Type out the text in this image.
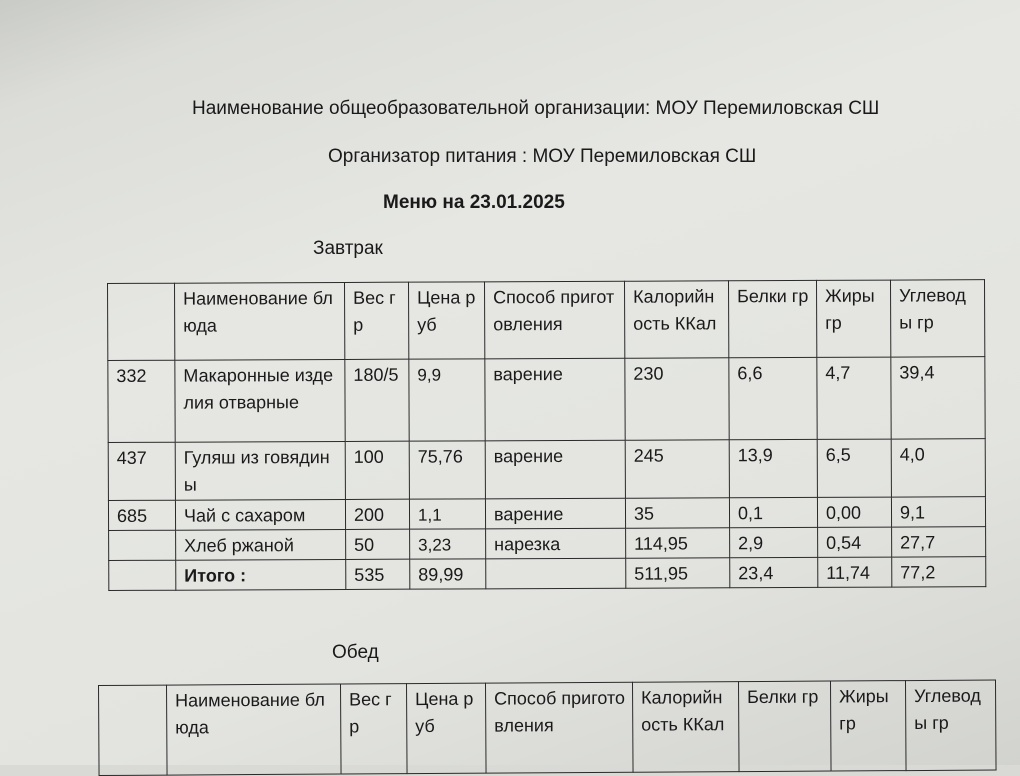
Наименование общеобразовательной организации: МОУ Перемиловская СШ
Организатор питания : МОУ Перемиловская СШ
Меню на 23.01.2025
Завтрак
	Наименование блюда	Вес гр	Цена руб	Способ приготовления	Калорийность ККал	Белки гр	Жиры гр	Углеводы гр
332	Макаронные изделия отварные	180/5	9,9	варение	230	6,6	4,7	39,4
437	Гуляш из говядины	100	75,76	варение	245	13,9	6,5	4,0
685	Чай с сахаром	200	1,1	варение	35	0,1	0,00	9,1
	Хлеб ржаной	50	3,23	нарезка	114,95	2,9	0,54	27,7
	Итого :	535	89,99		511,95	23,4	11,74	77,2
Обед
	Наименование блюда	Вес гр	Цена руб	Способ приготовления	Калорийность ККал	Белки гр	Жиры гр	Углеводы гр
